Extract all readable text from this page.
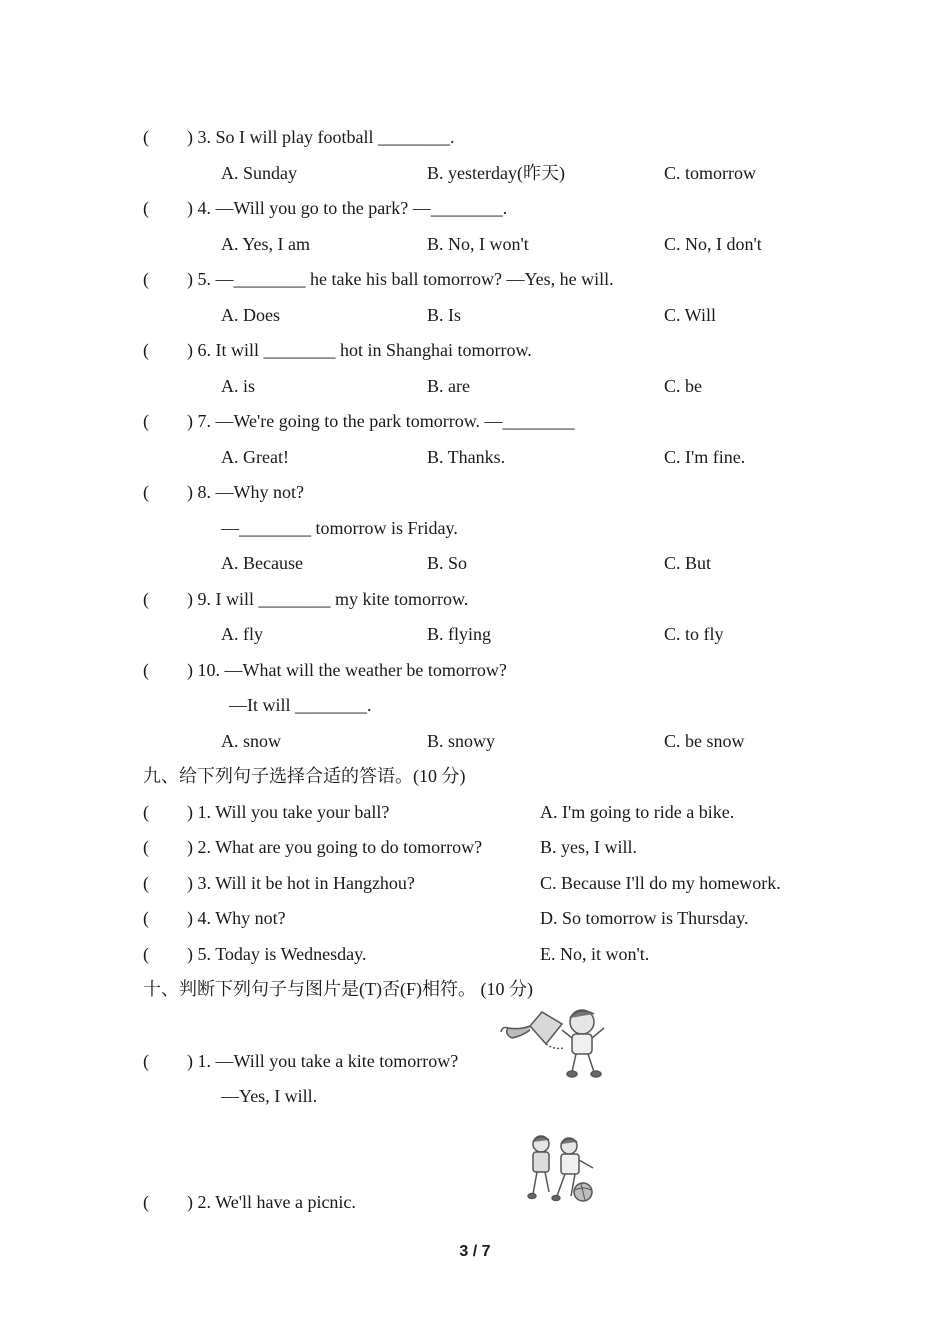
( ) 3. So I will play football ________.
A. Sunday	B. yesterday(昨天)	C. tomorrow
( ) 4. —Will you go to the park? —________.
A. Yes, I am	B. No, I won't	C. No, I don't
( ) 5. —________ he take his ball tomorrow? —Yes, he will.
A. Does	B. Is	C. Will
( ) 6. It will ________ hot in Shanghai tomorrow.
A. is	B. are	C. be
( ) 7. —We're going to the park tomorrow. —________
A. Great!	B. Thanks.	C. I'm fine.
( ) 8. —Why not?
—________ tomorrow is Friday.
A. Because	B. So	C. But
( ) 9. I will ________ my kite tomorrow.
A. fly	B. flying	C. to fly
( ) 10. —What will the weather be tomorrow?
—It will ________.
A. snow	B. snowy	C. be snow
九、给下列句子选择合适的答语。(10 分)
( ) 1. Will you take your ball?	A. I'm going to ride a bike.
( ) 2. What are you going to do tomorrow?	B. yes, I will.
( ) 3. Will it be hot in Hangzhou?	C. Because I'll do my homework.
( ) 4. Why not?	D. So tomorrow is Thursday.
( ) 5. Today is Wednesday.	E. No, it won't.
十、判断下列句子与图片是(T)否(F)相符。 (10 分)
( ) 1. —Will you take a kite tomorrow?
—Yes, I will.
( ) 2. We'll have a picnic.
3 / 7
